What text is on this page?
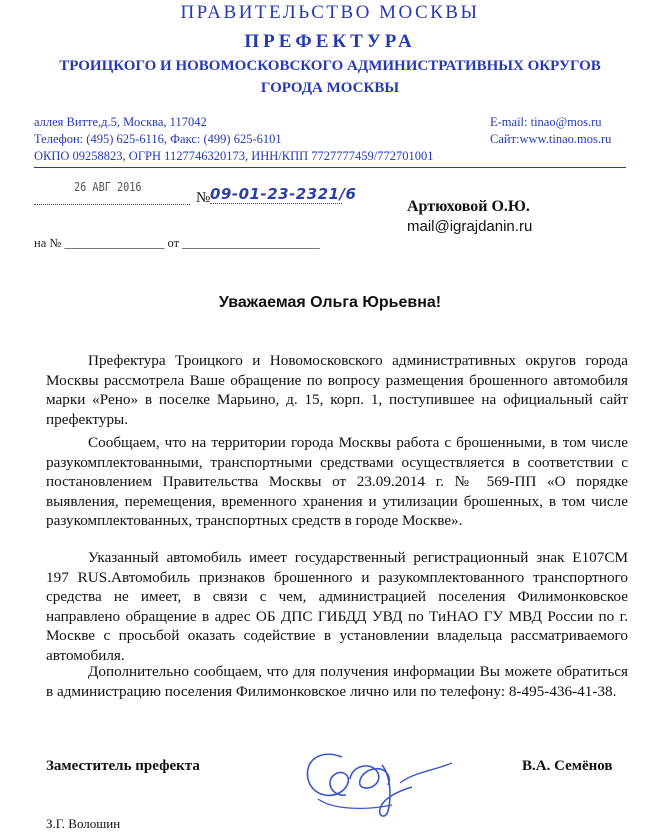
ПРАВИТЕЛЬСТВО МОСКВЫ
ПРЕФЕКТУРА
ТРОИЦКОГО И НОВОМОСКОВСКОГО АДМИНИСТРАТИВНЫХ ОКРУГОВ
ГОРОДА МОСКВЫ
аллея Витте,д.5, Москва, 117042
Телефон: (495) 625-6116, Факс: (499) 625-6101
ОКПО 09258823, ОГРН 1127746320173, ИНН/КПП 7727777459/772701001
E-mail: tinao@mos.ru
Сайт:www.tinao.mos.ru
26 АВГ 2016
№ 09-01-23-2321/6
на № ________________ от ______________________
Артюховой О.Ю.
mail@igrajdanin.ru
Уважаемая Ольга Юрьевна!
Префектура Троицкого и Новомосковского административных округов города Москвы рассмотрела Ваше обращение по вопросу размещения брошенного автомобиля марки «Рено» в поселке Марьино, д. 15, корп. 1, поступившее на официальный сайт префектуры.
Сообщаем, что на территории города Москвы работа с брошенными, в том числе разукомплектованными, транспортными средствами осуществляется в соответствии с постановлением Правительства Москвы от 23.09.2014 г. № 569-ПП «О порядке выявления, перемещения, временного хранения и утилизации брошенных, в том числе разукомплектованных, транспортных средств в городе Москве».
Указанный автомобиль имеет государственный регистрационный знак Е107СМ 197 RUS.Автомобиль признаков брошенного и разукомплектованного транспортного средства не имеет, в связи с чем, администрацией поселения Филимонковское направлено обращение в адрес ОБ ДПС ГИБДД УВД по ТиНАО ГУ МВД России по г. Москве с просьбой оказать содействие в установлении владельца рассматриваемого автомобиля.
Дополнительно сообщаем, что для получения информации Вы можете обратиться в администрацию поселения Филимонковское лично или по телефону: 8-495-436-41-38.
Заместитель префекта	В.А. Семёнов
З.Г. Волошин
